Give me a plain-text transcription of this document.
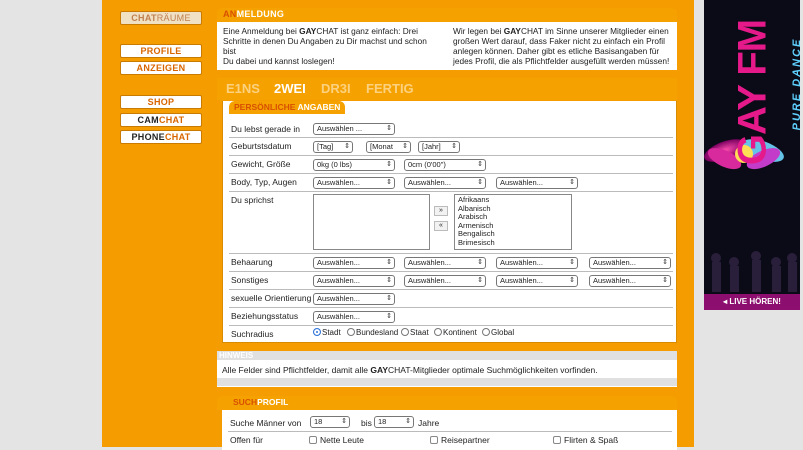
CHATRÄUME
PROFILE
ANZEIGEN
SHOP
CAMCHAT
PHONECHAT
ANMELDUNG

Eine Anmeldung bei GAYCHAT ist ganz einfach: Drei
Schritte in denen Du Angaben zu Dir machst und schon bist
Du dabei und kannst loslegen!

Wir legen bei GAYCHAT im Sinne unserer Mitglieder einen
großen Wert darauf, dass Faker nicht zu einfach ein Profil
anlegen können. Daher gibt es etliche Basisangaben für
jedes Profil, die als Pflichtfelder ausgefüllt werden müssen!

E1NS 2WEI DR3I FERTIG
PERSÖNLICHE ANGABEN
Du lebst gerade in	Auswählen ... ⇕
Geburtstsdatum	[Tag] ⇕	[Monat ⇕	[Jahr] ⇕
Gewicht, Größe	0kg (0 lbs) ⇕	0cm (0'00") ⇕
Body, Typ, Augen	Auswählen... ⇕	Auswählen... ⇕	Auswählen... ⇕
Du sprichst
»
«
Afrikaans
Albanisch
Arabisch
Armenisch
Bengalisch
Brimesisch
Behaarung	Auswählen... ⇕	Auswählen... ⇕	Auswählen... ⇕	Auswählen... ⇕
Sonstiges	Auswählen... ⇕	Auswählen... ⇕	Auswählen... ⇕	Auswählen... ⇕
sexuelle Orientierung Auswählen... ⇕
Beziehungsstatus	Auswählen... ⇕
Suchradius	Stadt	Bundesland	Staat	Kontinent	Global
HINWEIS
Alle Felder sind Pflichtfelder, damit alle GAYCHAT-Mitglieder optimale Suchmöglichkeiten vorfinden.
SUCHPROFIL
Suche Männer von	18 ⇕	bis 18 ⇕	Jahre
Offen für	Nette Leute	Reisepartner	Flirten & Spaß
GAY FM PURE DANCE
◂ LIVE HÖREN!
